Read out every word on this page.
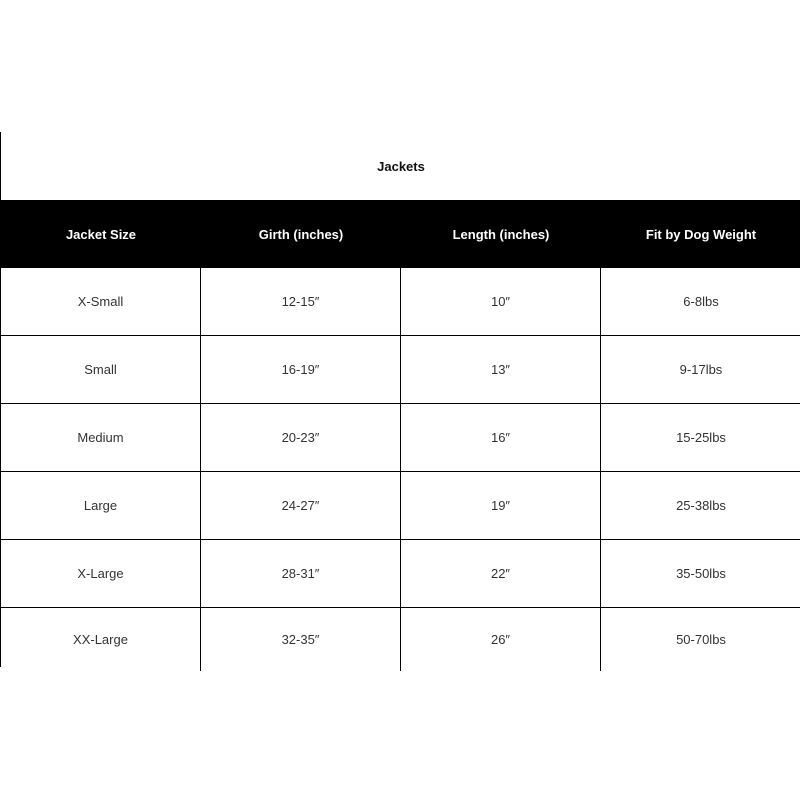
Jackets
Jacket Size	Girth (inches)	Length (inches)	Fit by Dog Weight
X-Small	12-15″	10″	6-8lbs
Small	16-19″	13″	9-17lbs
Medium	20-23″	16″	15-25lbs
Large	24-27″	19″	25-38lbs
X-Large	28-31″	22″	35-50lbs
XX-Large	32-35″	26″	50-70lbs
